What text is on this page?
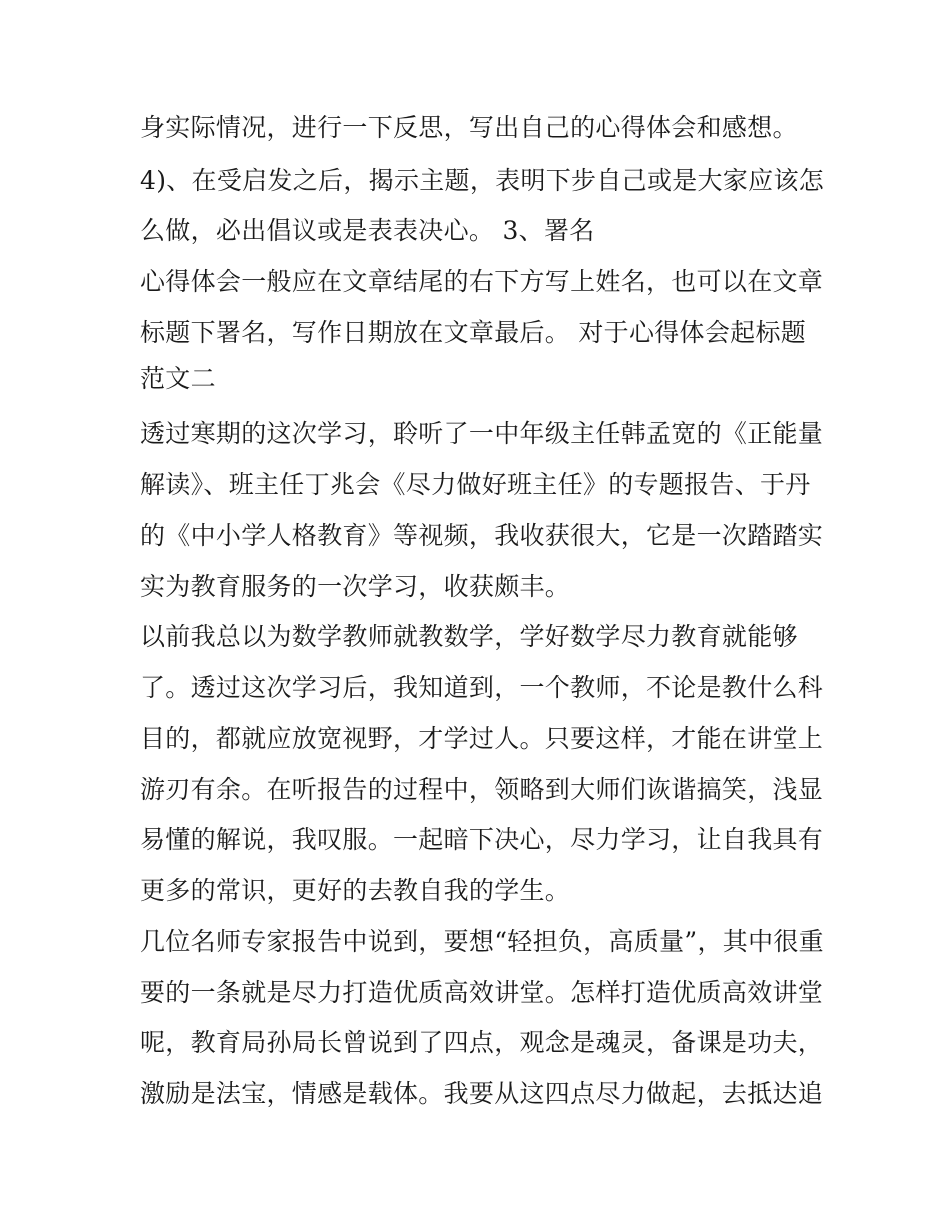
身实际情况，进行一下反思，写出自己的心得体会和感想。
4)、在受启发之后，揭示主题，表明下步自己或是大家应该怎
么做，必出倡议或是表表决心。 3、署名
心得体会一般应在文章结尾的右下方写上姓名，也可以在文章
标题下署名，写作日期放在文章最后。 对于心得体会起标题
范文二
透过寒期的这次学习，聆听了一中年级主任韩孟宽的《正能量
解读》、班主任丁兆会《尽力做好班主任》的专题报告、于丹
的《中小学人格教育》等视频，我收获很大，它是一次踏踏实
实为教育服务的一次学习，收获颇丰。
以前我总以为数学教师就教数学，学好数学尽力教育就能够
了。透过这次学习后，我知道到，一个教师，不论是教什么科
目的，都就应放宽视野，才学过人。只要这样，才能在讲堂上
游刃有余。在听报告的过程中，领略到大师们诙谐搞笑，浅显
易懂的解说，我叹服。一起暗下决心，尽力学习，让自我具有
更多的常识，更好的去教自我的学生。
几位名师专家报告中说到，要想“轻担负，高质量”，其中很重
要的一条就是尽力打造优质高效讲堂。怎样打造优质高效讲堂
呢，教育局孙局长曾说到了四点，观念是魂灵，备课是功夫，
激励是法宝，情感是载体。我要从这四点尽力做起，去抵达追
